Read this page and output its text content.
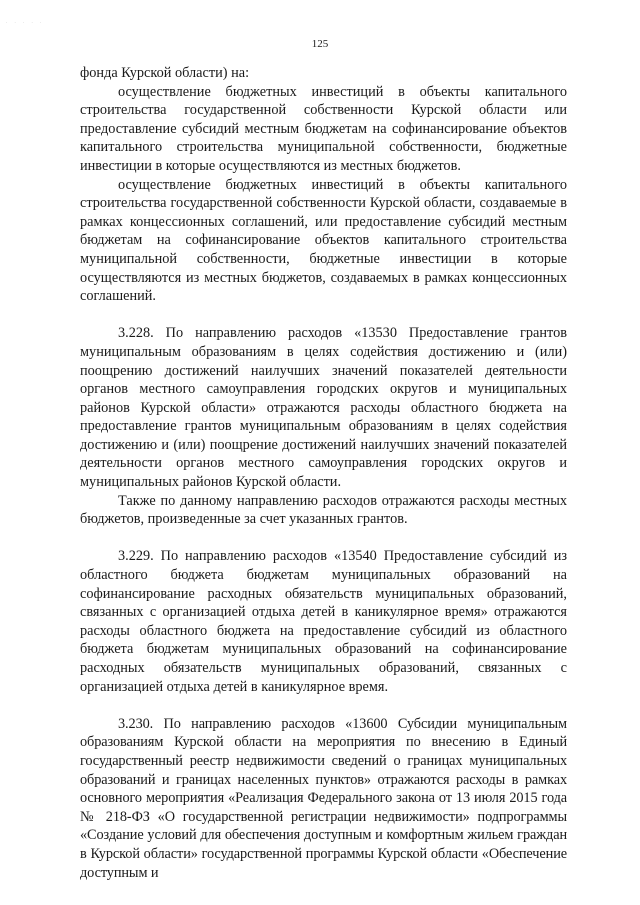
. . . . .
125

фонда Курской области) на:

осуществление бюджетных инвестиций в объекты капитального строительства государственной собственности Курской области или предоставление субсидий местным бюджетам на софинансирование объектов капитального строительства муниципальной собственности, бюджетные инвестиции в которые осуществляются из местных бюджетов.

осуществление бюджетных инвестиций в объекты капитального строительства государственной собственности Курской области, создаваемые в рамках концессионных соглашений, или предоставление субсидий местным бюджетам на софинансирование объектов капитального строительства муниципальной собственности, бюджетные инвестиции в которые осуществляются из местных бюджетов, создаваемых в рамках концессионных соглашений.

3.228. По направлению расходов «13530 Предоставление грантов муниципальным образованиям в целях содействия достижению и (или) поощрению достижений наилучших значений показателей деятельности органов местного самоуправления городских округов и муниципальных районов Курской области» отражаются расходы областного бюджета на предоставление грантов муниципальным образованиям в целях содействия достижению и (или) поощрение достижений наилучших значений показателей деятельности органов местного самоуправления городских округов и муниципальных районов Курской области.

Также по данному направлению расходов отражаются расходы местных бюджетов, произведенные за счет указанных грантов.

3.229. По направлению расходов «13540 Предоставление субсидий из областного бюджета бюджетам муниципальных образований на софинансирование расходных обязательств муниципальных образований, связанных с организацией отдыха детей в каникулярное время» отражаются расходы областного бюджета на предоставление субсидий из областного бюджета бюджетам муниципальных образований на софинансирование расходных обязательств муниципальных образований, связанных с организацией отдыха детей в каникулярное время.

3.230. По направлению расходов «13600 Субсидии муниципальным образованиям Курской области на мероприятия по внесению в Единый государственный реестр недвижимости сведений о границах муниципальных образований и границах населенных пунктов» отражаются расходы в рамках основного мероприятия «Реализация Федерального закона от 13 июля 2015 года № 218-ФЗ «О государственной регистрации недвижимости» подпрограммы «Создание условий для обеспечения доступным и комфортным жильем граждан в Курской области» государственной программы Курской области «Обеспечение доступным и
